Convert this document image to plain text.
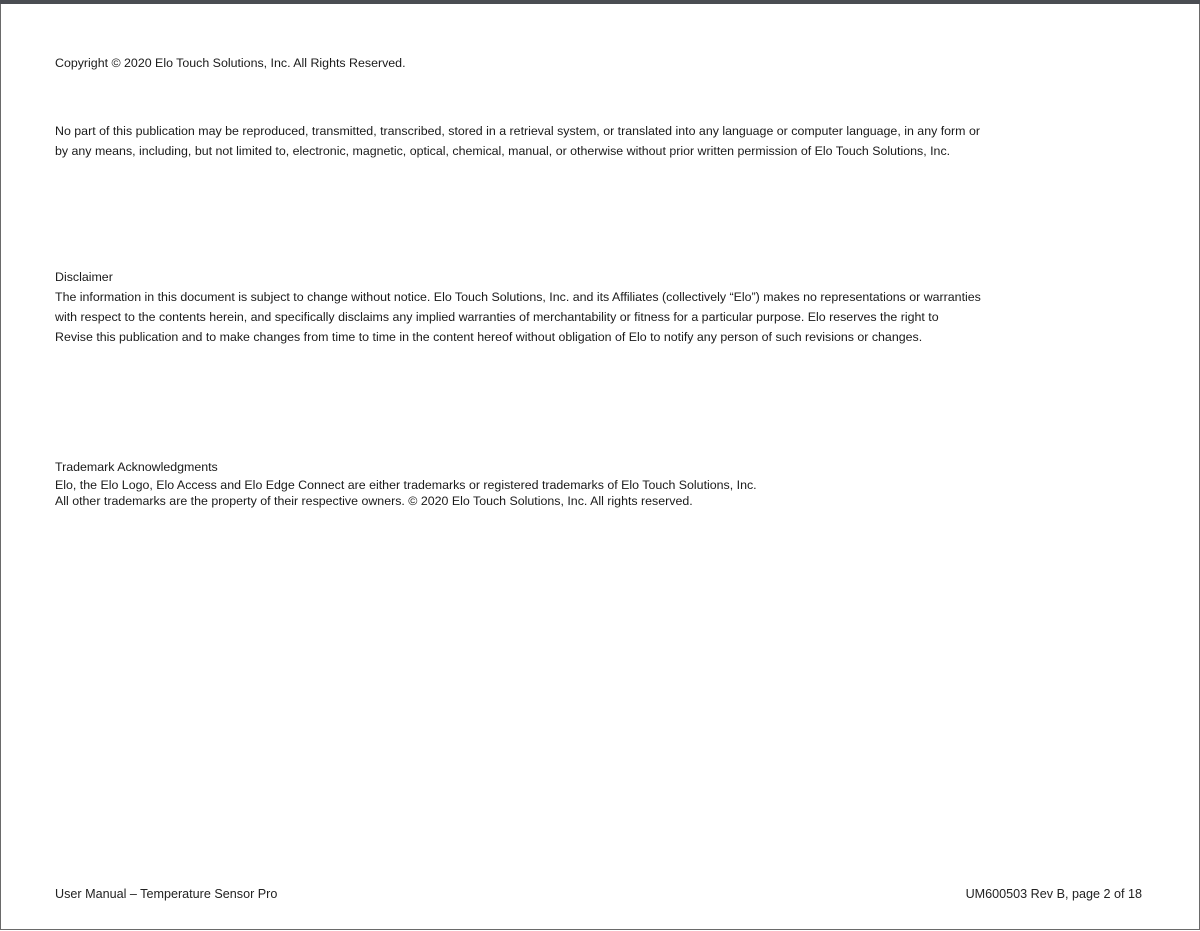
Copyright © 2020 Elo Touch Solutions, Inc. All Rights Reserved.

No part of this publication may be reproduced, transmitted, transcribed, stored in a retrieval system, or translated into any language or computer language, in any form or

by any means, including, but not limited to, electronic, magnetic, optical, chemical, manual, or otherwise without prior written permission of Elo Touch Solutions, Inc.

Disclaimer

The information in this document is subject to change without notice. Elo Touch Solutions, Inc. and its Affiliates (collectively “Elo”) makes no representations or warranties

with respect to the contents herein, and specifically disclaims any implied warranties of merchantability or fitness for a particular purpose. Elo reserves the right to

Revise this publication and to make changes from time to time in the content hereof without obligation of Elo to notify any person of such revisions or changes.

Trademark Acknowledgments

Elo, the Elo Logo, Elo Access and Elo Edge Connect are either trademarks or registered trademarks of Elo Touch Solutions, Inc.

All other trademarks are the property of their respective owners. © 2020 Elo Touch Solutions, Inc. All rights reserved.

User Manual – Temperature Sensor Pro	UM600503 Rev B, page 2 of 18
